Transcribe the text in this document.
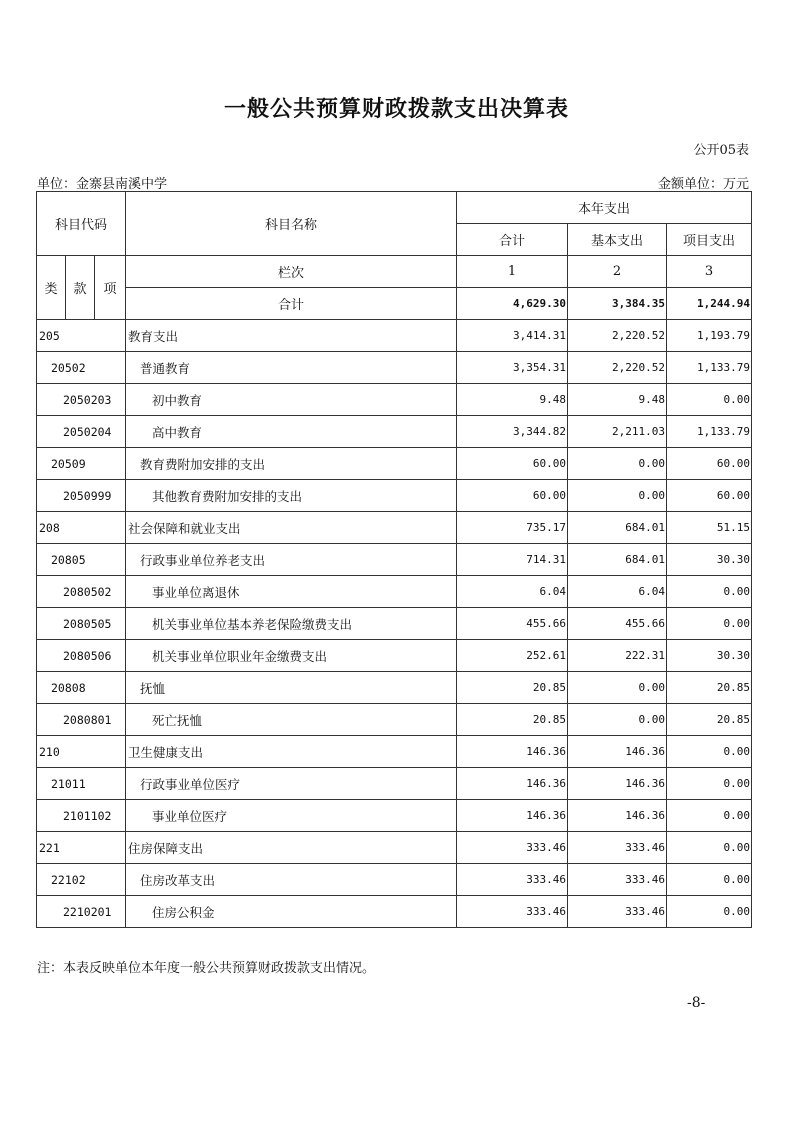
一般公共预算财政拨款支出决算表
公开05表
单位：金寨县南溪中学	金额单位：万元
科目代码			科目名称	本年支出		
				合计	基本支出	项目支出
类	款	项	栏次	1	2	3
			合计	4,629.30	3,384.35	1,244.94
205			教育支出	3,414.31	2,220.52	1,193.79
20502			普通教育	3,354.31	2,220.52	1,133.79
2050203			初中教育	9.48	9.48	0.00
2050204			高中教育	3,344.82	2,211.03	1,133.79
20509			教育费附加安排的支出	60.00	0.00	60.00
2050999			其他教育费附加安排的支出	60.00	0.00	60.00
208			社会保障和就业支出	735.17	684.01	51.15
20805			行政事业单位养老支出	714.31	684.01	30.30
2080502			事业单位离退休	6.04	6.04	0.00
2080505			机关事业单位基本养老保险缴费支出	455.66	455.66	0.00
2080506			机关事业单位职业年金缴费支出	252.61	222.31	30.30
20808			抚恤	20.85	0.00	20.85
2080801			死亡抚恤	20.85	0.00	20.85
210			卫生健康支出	146.36	146.36	0.00
21011			行政事业单位医疗	146.36	146.36	0.00
2101102			事业单位医疗	146.36	146.36	0.00
221			住房保障支出	333.46	333.46	0.00
22102			住房改革支出	333.46	333.46	0.00
2210201			住房公积金	333.46	333.46	0.00
注：本表反映单位本年度一般公共预算财政拨款支出情况。
-8-
